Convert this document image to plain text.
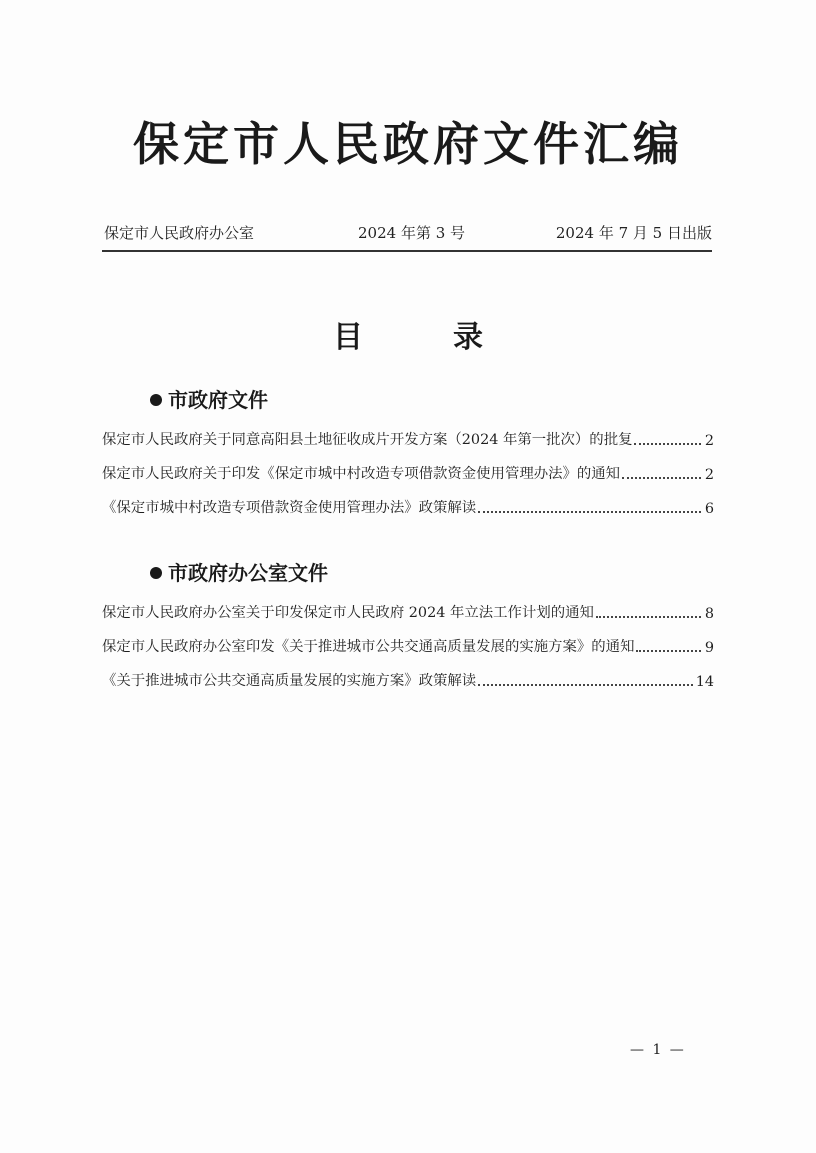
保定市人民政府文件汇编
保定市人民政府办公室	2024 年第 3 号	2024 年 7 月 5 日出版
目	录
市政府文件
保定市人民政府关于同意高阳县土地征收成片开发方案（2024 年第一批次）的批复	2
保定市人民政府关于印发《保定市城中村改造专项借款资金使用管理办法》的通知	2
《保定市城中村改造专项借款资金使用管理办法》政策解读	6
市政府办公室文件
保定市人民政府办公室关于印发保定市人民政府 2024 年立法工作计划的通知	8
保定市人民政府办公室印发《关于推进城市公共交通高质量发展的实施方案》的通知	9
《关于推进城市公共交通高质量发展的实施方案》政策解读	14
— 1 —
